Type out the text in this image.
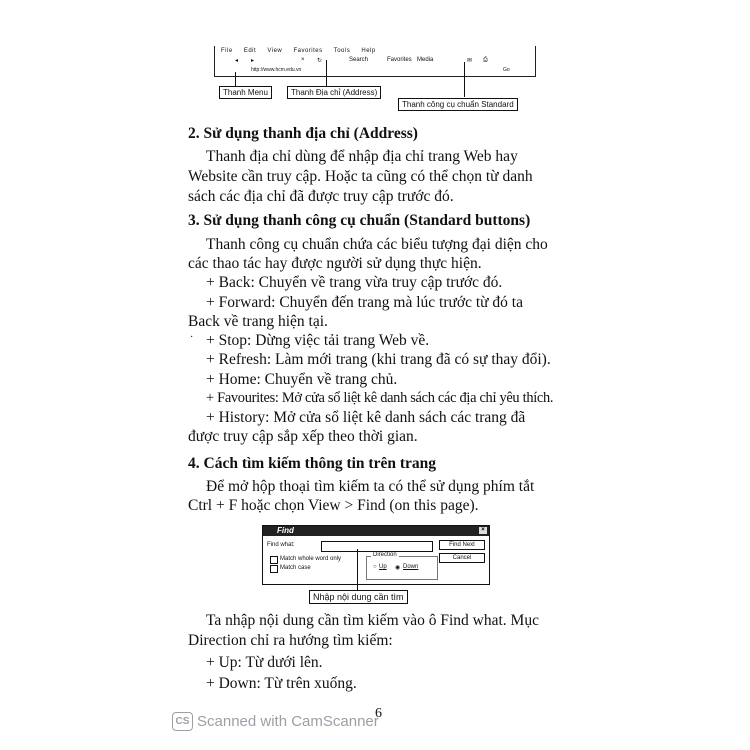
File Edit View Favorites Tools Help
◂ ▸	× ↻	Search	Favorites Media	✉ ⎙
http://www.hcm.edu.vn	Go
Thanh Menu	Thanh Địa chỉ (Address)
Thanh công cụ chuẩn Standard
2. Sử dụng thanh địa chỉ (Address)
Thanh địa chỉ dùng để nhập địa chỉ trang Web hay
Website cần truy cập. Hoặc ta cũng có thể chọn từ danh
sách các địa chỉ đã được truy cập trước đó.
3. Sử dụng thanh công cụ chuẩn (Standard buttons)
Thanh công cụ chuẩn chứa các biểu tượng đại diện cho
các thao tác hay được người sử dụng thực hiện.
+ Back: Chuyển về trang vừa truy cập trước đó.
+ Forward: Chuyển đến trang mà lúc trước từ đó ta
Back về trang hiện tại.
· + Stop: Dừng việc tải trang Web về.
+ Refresh: Làm mới trang (khi trang đã có sự thay đổi).
+ Home: Chuyển về trang chủ.
+ Favourites: Mở cửa sổ liệt kê danh sách các địa chỉ yêu thích.
+ History: Mở cửa sổ liệt kê danh sách các trang đã
được truy cập sắp xếp theo thời gian.
4. Cách tìm kiếm thông tin trên trang
Để mở hộp thoại tìm kiếm ta có thể sử dụng phím tắt
Ctrl + F hoặc chọn View > Find (on this page).
Find	×
Find what:
Match whole word only
Match case
Direction
○ Up ◉ Down
Find Next
Cancel
Nhập nội dung cần tìm
Ta nhập nội dung cần tìm kiếm vào ô Find what. Mục
Direction chỉ ra hướng tìm kiếm:
+ Up: Từ dưới lên.
+ Down: Từ trên xuống.
6
CS Scanned with CamScanner
